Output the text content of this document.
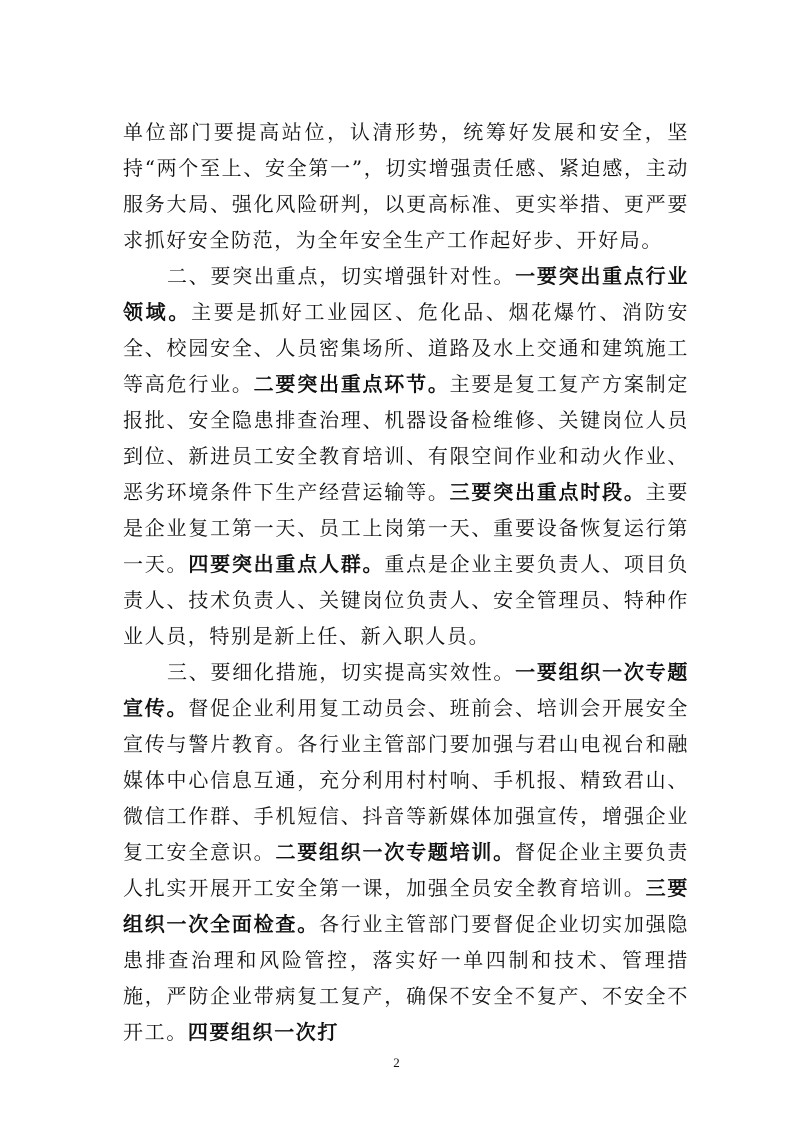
单位部门要提高站位，认清形势，统筹好发展和安全，坚持“两个至上、安全第一”，切实增强责任感、紧迫感，主动服务大局、强化风险研判，以更高标准、更实举措、更严要求抓好安全防范，为全年安全生产工作起好步、开好局。

二、要突出重点，切实增强针对性。一要突出重点行业领域。主要是抓好工业园区、危化品、烟花爆竹、消防安全、校园安全、人员密集场所、道路及水上交通和建筑施工等高危行业。二要突出重点环节。主要是复工复产方案制定报批、安全隐患排查治理、机器设备检维修、关键岗位人员到位、新进员工安全教育培训、有限空间作业和动火作业、恶劣环境条件下生产经营运输等。三要突出重点时段。主要是企业复工第一天、员工上岗第一天、重要设备恢复运行第一天。四要突出重点人群。重点是企业主要负责人、项目负责人、技术负责人、关键岗位负责人、安全管理员、特种作业人员，特别是新上任、新入职人员。

三、要细化措施，切实提高实效性。一要组织一次专题宣传。督促企业利用复工动员会、班前会、培训会开展安全宣传与警片教育。各行业主管部门要加强与君山电视台和融媒体中心信息互通，充分利用村村响、手机报、精致君山、微信工作群、手机短信、抖音等新媒体加强宣传，增强企业复工安全意识。二要组织一次专题培训。督促企业主要负责人扎实开展开工安全第一课，加强全员安全教育培训。三要组织一次全面检查。各行业主管部门要督促企业切实加强隐患排查治理和风险管控，落实好一单四制和技术、管理措施，严防企业带病复工复产，确保不安全不复产、不安全不开工。四要组织一次打

2
